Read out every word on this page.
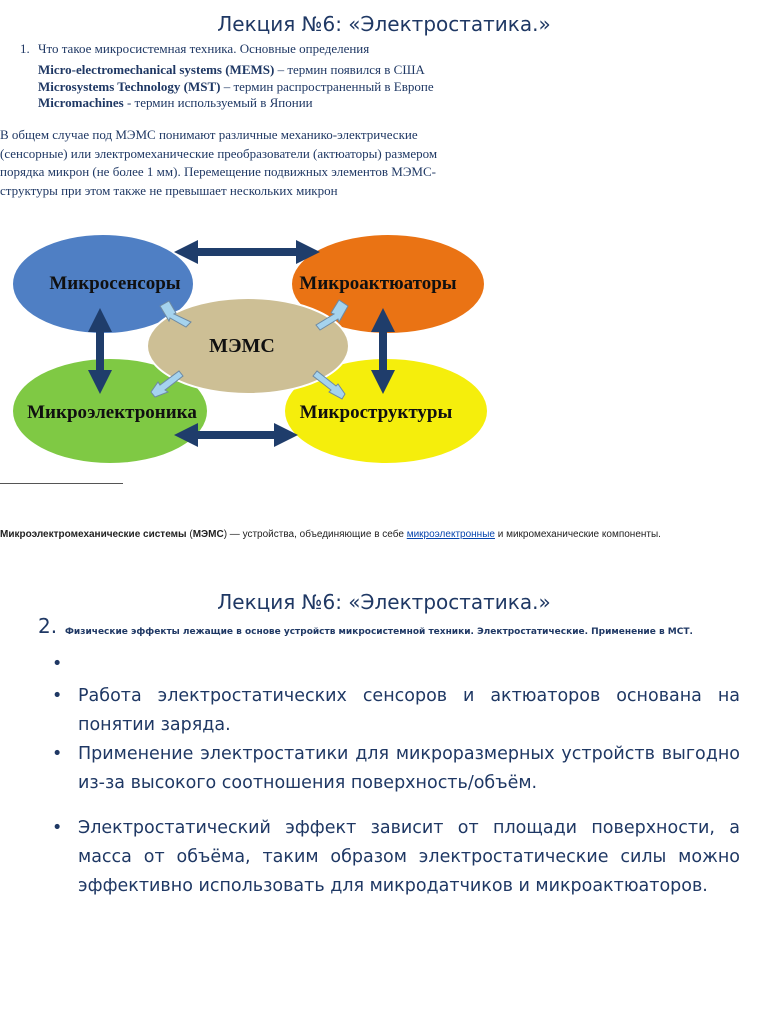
Лекция №6: «Электростатика.»
1. Что такое микросистемная техника. Основные определения
Micro-electromechanical systems (MEMS) – термин появился в США
Microsystems Technology (MST) – термин распространенный в Европе
Micromachines - термин используемый в Японии
В общем случае под МЭМС понимают различные механико-электрические (сенсорные) или электромеханические преобразователи (актюаторы) размером порядка микрон (не более 1 мм). Перемещение подвижных элементов МЭМС- структуры при этом также не превышает нескольких микрон
Микросенсоры	Микроактюаторы
МЭМС
Микроэлектроника	Микроструктуры
Микроэлектромеханические системы (МЭМС) — устройства, объединяющие в себе микроэлектронные и микромеханические компоненты.
Лекция №6: «Электростатика.»
2. Физические эффекты лежащие в основе устройств микросистемной техники. Электростатические. Применение в МСТ.
•
• Работа электростатических сенсоров и актюаторов основана на понятии заряда.
• Применение электростатики для микроразмерных устройств выгодно из-за высокого соотношения поверхность/объём.
• Электростатический эффект зависит от площади поверхности, а масса от объёма, таким образом электростатические силы можно эффективно использовать для микродатчиков и микроактюаторов.
